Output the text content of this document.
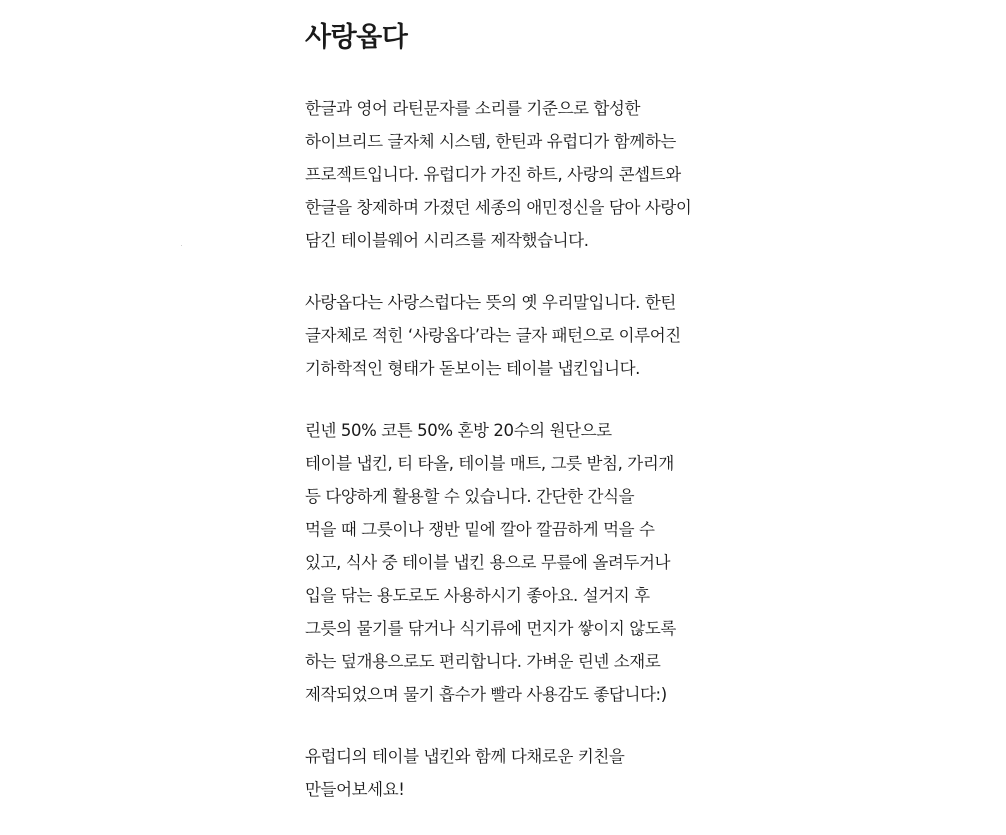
사랑옵다
한글과 영어 라틴문자를 소리를 기준으로 합성한
하이브리드 글자체 시스템, 한틴과 유럽디가 함께하는
프로젝트입니다. 유럽디가 가진 하트, 사랑의 콘셉트와
한글을 창제하며 가졌던 세종의 애민정신을 담아 사랑이
담긴 테이블웨어 시리즈를 제작했습니다.
사랑옵다는 사랑스럽다는 뜻의 옛 우리말입니다. 한틴
글자체로 적힌 ‘사랑옵다’라는 글자 패턴으로 이루어진
기하학적인 형태가 돋보이는 테이블 냅킨입니다.
린넨 50% 코튼 50% 혼방 20수의 원단으로
테이블 냅킨, 티 타올, 테이블 매트, 그릇 받침, 가리개
등 다양하게 활용할 수 있습니다. 간단한 간식을
먹을 때 그릇이나 쟁반 밑에 깔아 깔끔하게 먹을 수
있고, 식사 중 테이블 냅킨 용으로 무릎에 올려두거나
입을 닦는 용도로도 사용하시기 좋아요. 설거지 후
그릇의 물기를 닦거나 식기류에 먼지가 쌓이지 않도록
하는 덮개용으로도 편리합니다. 가벼운 린넨 소재로
제작되었으며 물기 흡수가 빨라 사용감도 좋답니다:)
유럽디의 테이블 냅킨와 함께 다채로운 키친을
만들어보세요!
